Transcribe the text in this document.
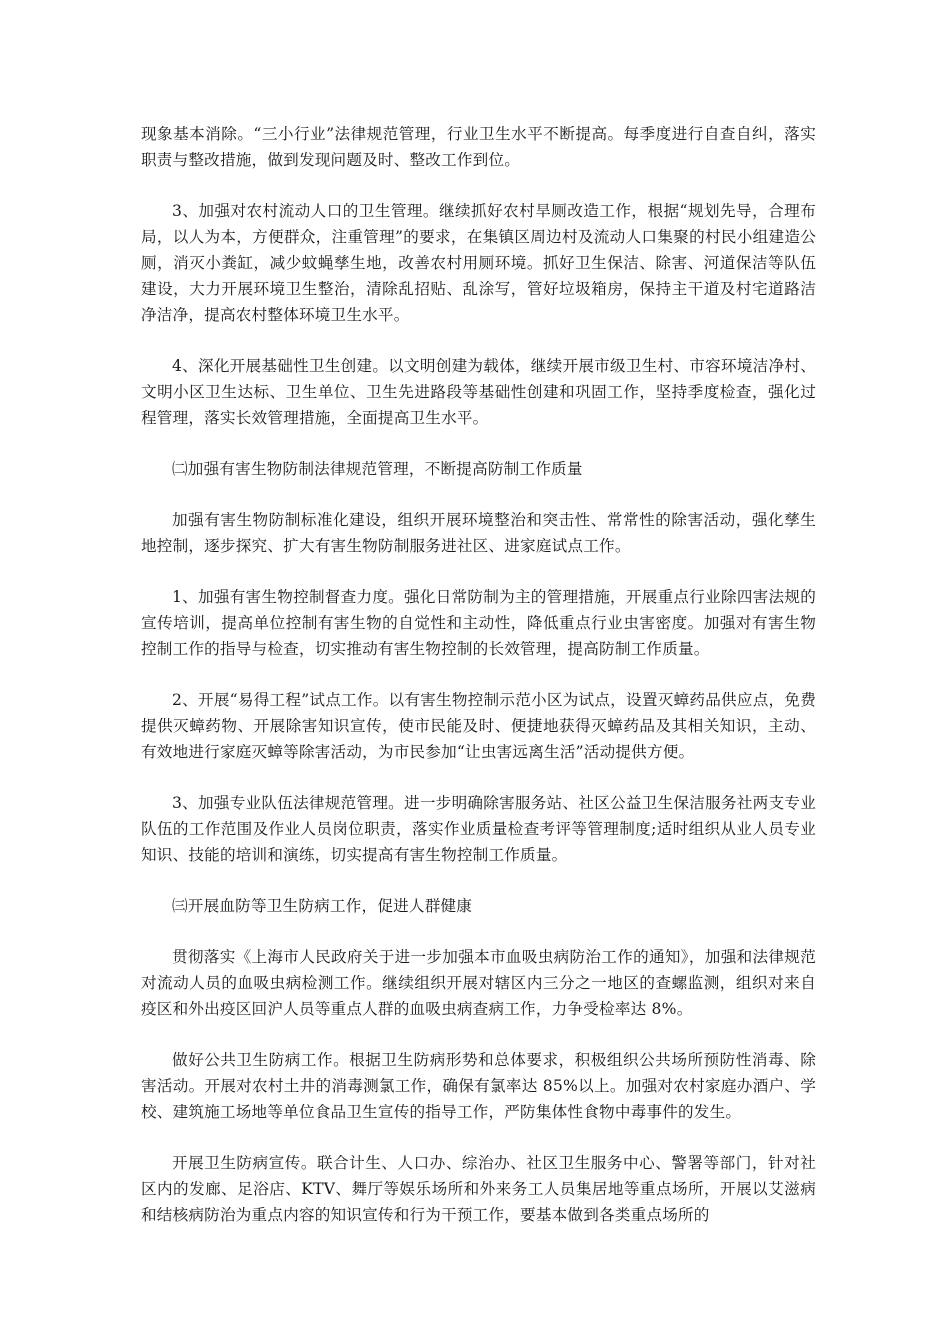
现象基本消除。“三小行业”法律规范管理，行业卫生水平不断提高。每季度进行自查自纠，落实职责与整改措施，做到发现问题及时、整改工作到位。

3、加强对农村流动人口的卫生管理。继续抓好农村旱厕改造工作，根据“规划先导，合理布局，以人为本，方便群众，注重管理”的要求，在集镇区周边村及流动人口集聚的村民小组建造公厕，消灭小粪缸，减少蚊蝇孳生地，改善农村用厕环境。抓好卫生保洁、除害、河道保洁等队伍建设，大力开展环境卫生整治，清除乱招贴、乱涂写，管好垃圾箱房，保持主干道及村宅道路洁净洁净，提高农村整体环境卫生水平。

4、深化开展基础性卫生创建。以文明创建为载体，继续开展市级卫生村、市容环境洁净村、文明小区卫生达标、卫生单位、卫生先进路段等基础性创建和巩固工作，坚持季度检查，强化过程管理，落实长效管理措施，全面提高卫生水平。

㈡加强有害生物防制法律规范管理，不断提高防制工作质量

加强有害生物防制标准化建设，组织开展环境整治和突击性、常常性的除害活动，强化孳生地控制，逐步探究、扩大有害生物防制服务进社区、进家庭试点工作。

1、加强有害生物控制督查力度。强化日常防制为主的管理措施，开展重点行业除四害法规的宣传培训，提高单位控制有害生物的自觉性和主动性，降低重点行业虫害密度。加强对有害生物控制工作的指导与检查，切实推动有害生物控制的长效管理，提高防制工作质量。

2、开展“易得工程”试点工作。以有害生物控制示范小区为试点，设置灭蟑药品供应点，免费提供灭蟑药物、开展除害知识宣传，使市民能及时、便捷地获得灭蟑药品及其相关知识，主动、有效地进行家庭灭蟑等除害活动，为市民参加“让虫害远离生活”活动提供方便。

3、加强专业队伍法律规范管理。进一步明确除害服务站、社区公益卫生保洁服务社两支专业队伍的工作范围及作业人员岗位职责，落实作业质量检查考评等管理制度;适时组织从业人员专业知识、技能的培训和演练，切实提高有害生物控制工作质量。

㈢开展血防等卫生防病工作，促进人群健康

贯彻落实《上海市人民政府关于进一步加强本市血吸虫病防治工作的通知》，加强和法律规范对流动人员的血吸虫病检测工作。继续组织开展对辖区内三分之一地区的查螺监测，组织对来自疫区和外出疫区回沪人员等重点人群的血吸虫病查病工作，力争受检率达 8%。

做好公共卫生防病工作。根据卫生防病形势和总体要求，积极组织公共场所预防性消毒、除害活动。开展对农村土井的消毒测氯工作，确保有氯率达 85%以上。加强对农村家庭办酒户、学校、建筑施工场地等单位食品卫生宣传的指导工作，严防集体性食物中毒事件的发生。

开展卫生防病宣传。联合计生、人口办、综治办、社区卫生服务中心、警署等部门，针对社区内的发廊、足浴店、KTV、舞厅等娱乐场所和外来务工人员集居地等重点场所，开展以艾滋病和结核病防治为重点内容的知识宣传和行为干预工作，要基本做到各类重点场所的
